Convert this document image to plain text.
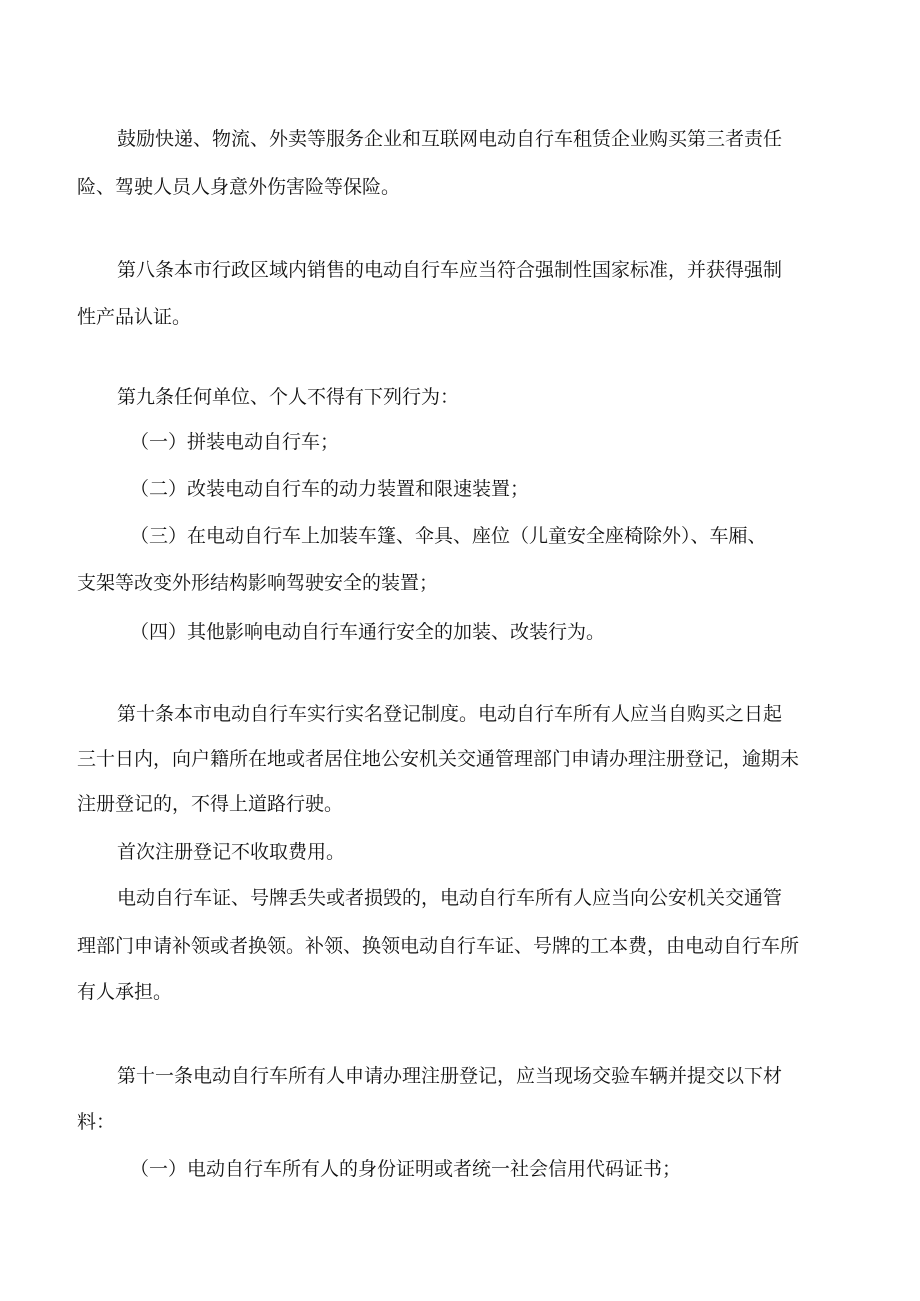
鼓励快递、物流、外卖等服务企业和互联网电动自行车租赁企业购买第三者责任
险、驾驶人员人身意外伤害险等保险。
第八条本市行政区域内销售的电动自行车应当符合强制性国家标准，并获得强制
性产品认证。
第九条任何单位、个人不得有下列行为：
（一）拼装电动自行车；
（二）改装电动自行车的动力装置和限速装置；
（三）在电动自行车上加装车篷、伞具、座位（儿童安全座椅除外）、车厢、
支架等改变外形结构影响驾驶安全的装置；
（四）其他影响电动自行车通行安全的加装、改装行为。
第十条本市电动自行车实行实名登记制度。电动自行车所有人应当自购买之日起
三十日内，向户籍所在地或者居住地公安机关交通管理部门申请办理注册登记，逾期未
注册登记的，不得上道路行驶。
首次注册登记不收取费用。
电动自行车证、号牌丢失或者损毁的，电动自行车所有人应当向公安机关交通管
理部门申请补领或者换领。补领、换领电动自行车证、号牌的工本费，由电动自行车所
有人承担。
第十一条电动自行车所有人申请办理注册登记，应当现场交验车辆并提交以下材
料：
（一）电动自行车所有人的身份证明或者统一社会信用代码证书；
